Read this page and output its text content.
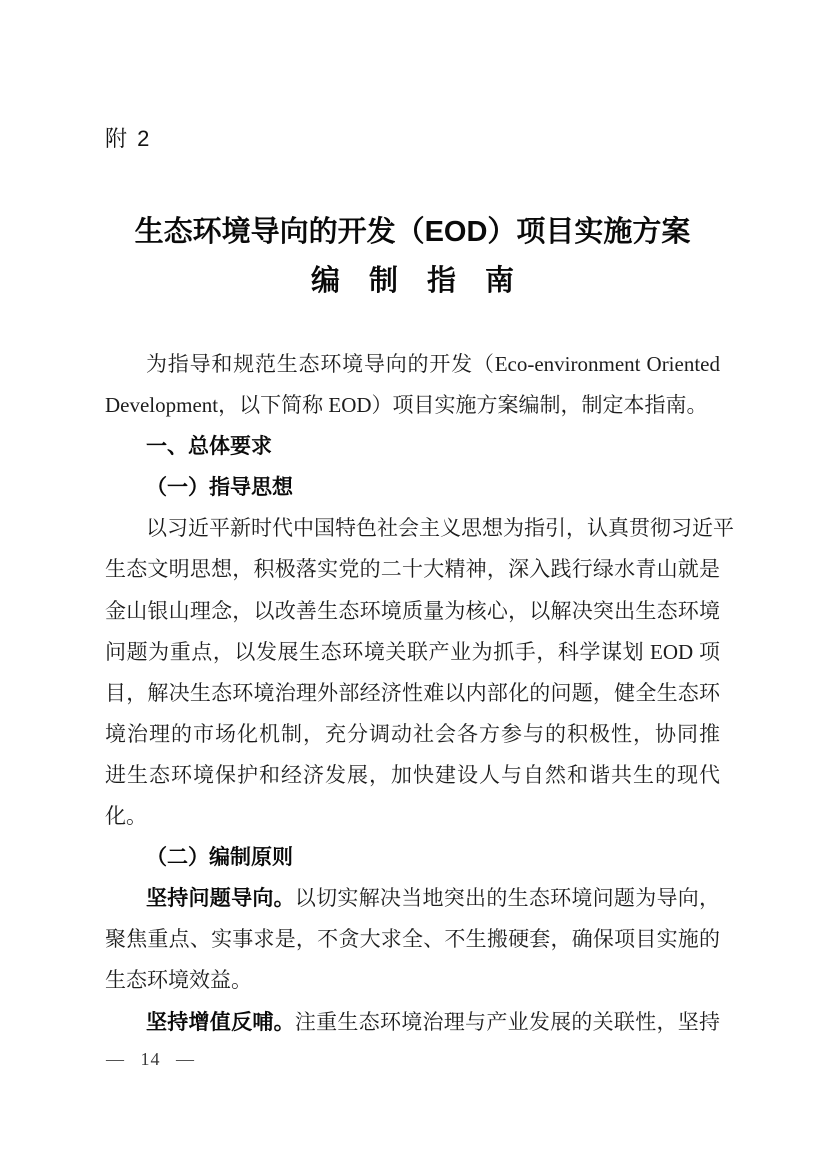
附 2
生态环境导向的开发（EOD）项目实施方案
编　制　指　南
为指导和规范生态环境导向的开发（Eco-environment Oriented
Development，以下简称 EOD）项目实施方案编制，制定本指南。
一、总体要求
（一）指导思想
以习近平新时代中国特色社会主义思想为指引，认真贯彻习近平
生态文明思想，积极落实党的二十大精神，深入践行绿水青山就是
金山银山理念，以改善生态环境质量为核心，以解决突出生态环境
问题为重点，以发展生态环境关联产业为抓手，科学谋划 EOD 项
目，解决生态环境治理外部经济性难以内部化的问题，健全生态环
境治理的市场化机制，充分调动社会各方参与的积极性，协同推
进生态环境保护和经济发展，加快建设人与自然和谐共生的现代
化。
（二）编制原则
坚持问题导向。以切实解决当地突出的生态环境问题为导向，
聚焦重点、实事求是，不贪大求全、不生搬硬套，确保项目实施的
生态环境效益。
坚持增值反哺。注重生态环境治理与产业发展的关联性，坚持
— 14 —
